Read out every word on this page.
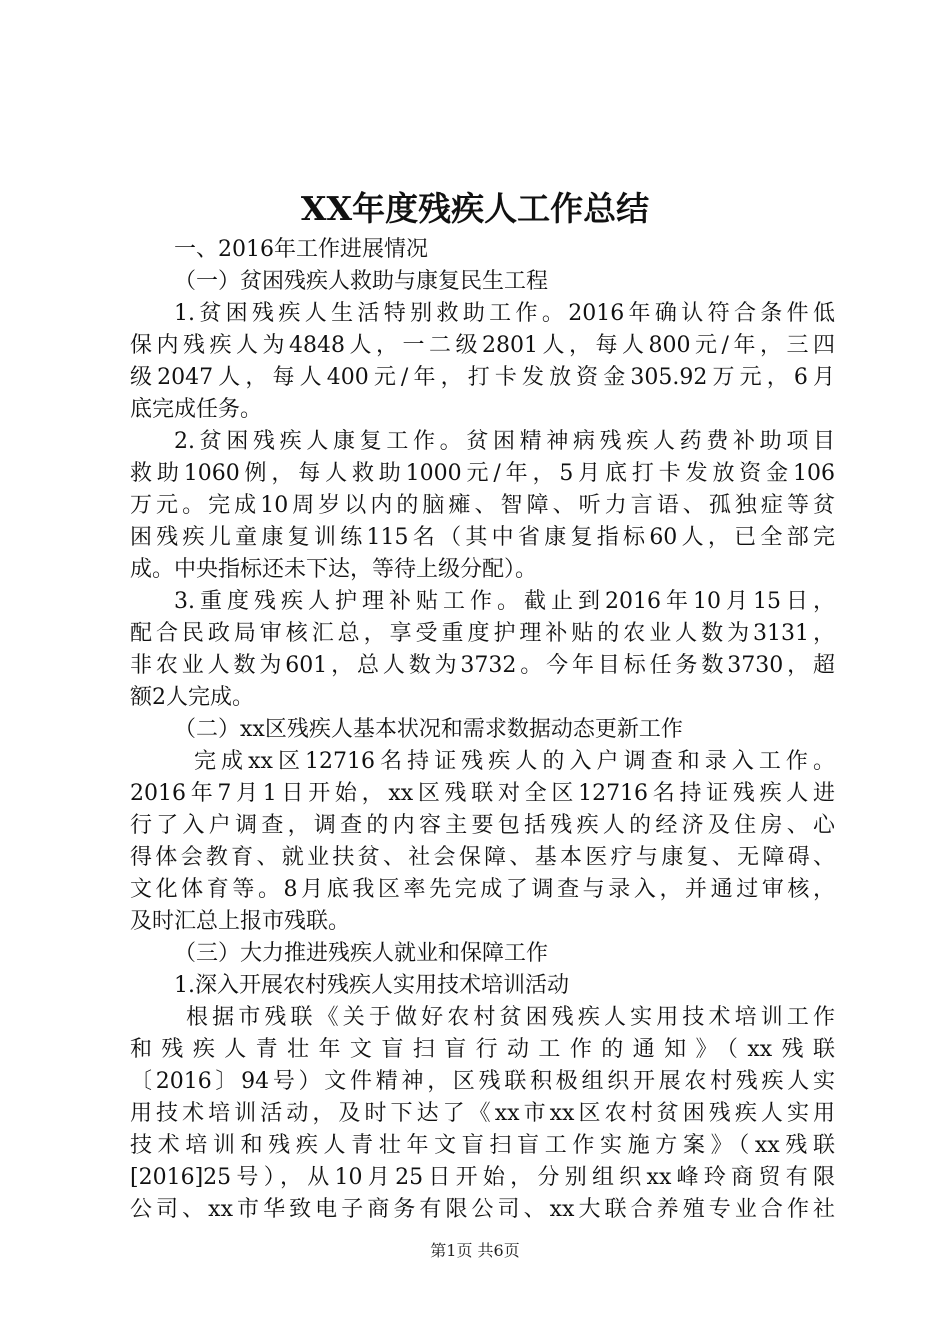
XX年度残疾人工作总结
一、2016年工作进展情况
（一）贫困残疾人救助与康复民生工程
1.贫困残疾人生活特别救助工作。2016年确认符合条件低
保内残疾人为4848人，一二级2801人，每人800元/年，三四
级2047人，每人400元/年，打卡发放资金305.92万元，6月
底完成任务。
2.贫困残疾人康复工作。贫困精神病残疾人药费补助项目
救助1060例，每人救助1000元/年，5月底打卡发放资金106
万元。完成10周岁以内的脑瘫、智障、听力言语、孤独症等贫
困残疾儿童康复训练115名（其中省康复指标60人，已全部完
成。中央指标还未下达，等待上级分配）。
3.重度残疾人护理补贴工作。截止到2016年10月15日，
配合民政局审核汇总，享受重度护理补贴的农业人数为3131，
非农业人数为601，总人数为3732。今年目标任务数3730，超
额2人完成。
（二）xx区残疾人基本状况和需求数据动态更新工作
完成xx区12716名持证残疾人的入户调查和录入工作。
2016年7月1日开始，xx区残联对全区12716名持证残疾人进
行了入户调查，调查的内容主要包括残疾人的经济及住房、心
得体会教育、就业扶贫、社会保障、基本医疗与康复、无障碍、
文化体育等。8月底我区率先完成了调查与录入，并通过审核，
及时汇总上报市残联。
（三）大力推进残疾人就业和保障工作
1.深入开展农村残疾人实用技术培训活动
根据市残联《关于做好农村贫困残疾人实用技术培训工作
和残疾人青壮年文盲扫盲行动工作的通知》（xx残联
〔2016〕94号）文件精神，区残联积极组织开展农村残疾人实
用技术培训活动，及时下达了《xx市xx区农村贫困残疾人实用
技术培训和残疾人青壮年文盲扫盲工作实施方案》（xx残联
[2016]25号），从10月25日开始，分别组织xx峰玲商贸有限
公司、xx市华致电子商务有限公司、xx大联合养殖专业合作社
第1页 共6页
